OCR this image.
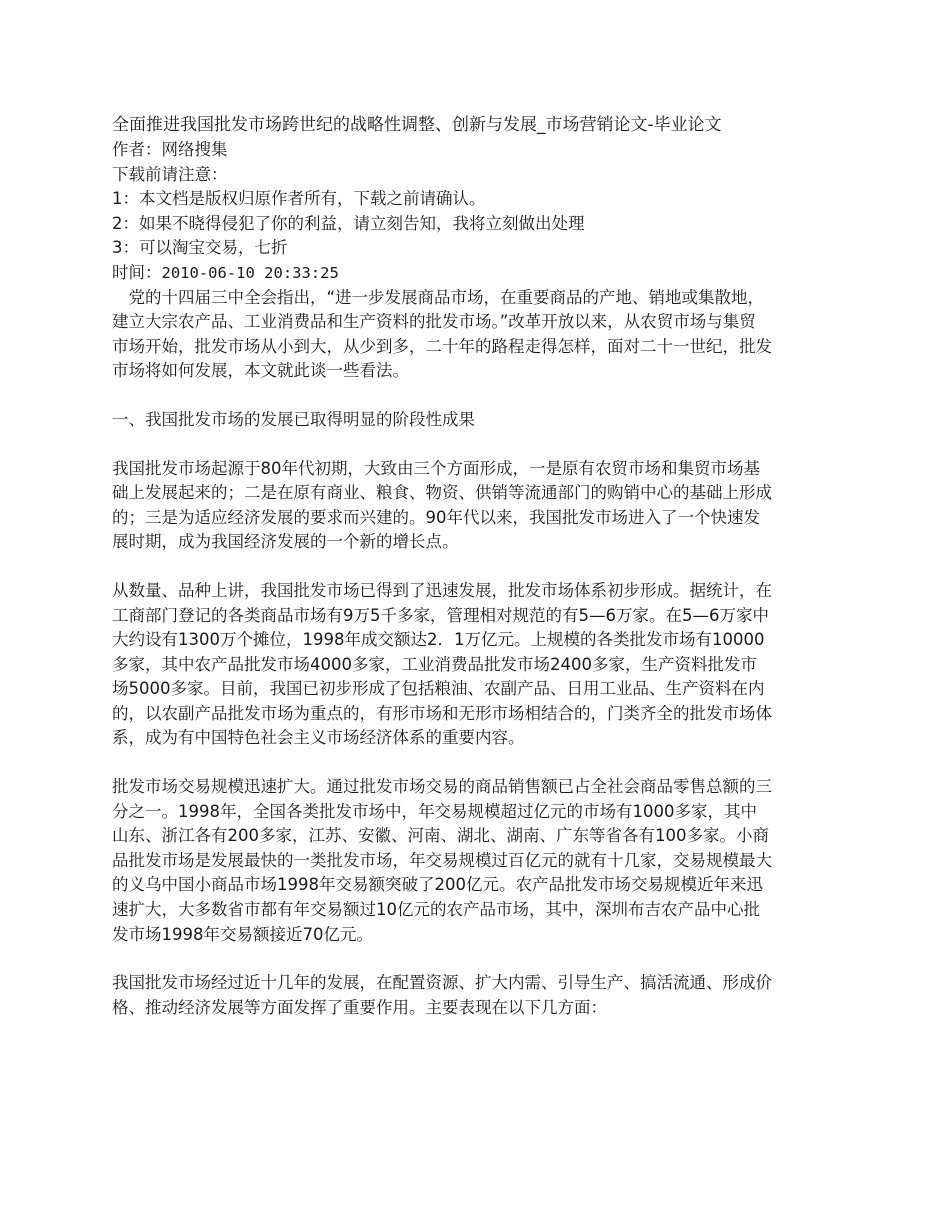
全面推进我国批发市场跨世纪的战略性调整、创新与发展_市场营销论文-毕业论文

作者：网络搜集

下载前请注意：

1：本文档是版权归原作者所有，下载之前请确认。

2：如果不晓得侵犯了你的利益，请立刻告知，我将立刻做出处理

3：可以淘宝交易，七折

时间：2010-06-10 20:33:25

党的十四届三中全会指出，“进一步发展商品市场，在重要商品的产地、销地或集散地，建立大宗农产品、工业消费品和生产资料的批发市场。”改革开放以来，从农贸市场与集贸市场开始，批发市场从小到大，从少到多，二十年的路程走得怎样，面对二十一世纪，批发市场将如何发展，本文就此谈一些看法。

一、我国批发市场的发展已取得明显的阶段性成果

我国批发市场起源于80年代初期，大致由三个方面形成，一是原有农贸市场和集贸市场基础上发展起来的；二是在原有商业、粮食、物资、供销等流通部门的购销中心的基础上形成的；三是为适应经济发展的要求而兴建的。90年代以来，我国批发市场进入了一个快速发展时期，成为我国经济发展的一个新的增长点。

从数量、品种上讲，我国批发市场已得到了迅速发展，批发市场体系初步形成。据统计，在工商部门登记的各类商品市场有9万5千多家，管理相对规范的有5—6万家。在5—6万家中大约设有1300万个摊位，1998年成交额达2．1万亿元。上规模的各类批发市场有10000多家，其中农产品批发市场4000多家，工业消费品批发市场2400多家，生产资料批发市场5000多家。目前，我国已初步形成了包括粮油、农副产品、日用工业品、生产资料在内的，以农副产品批发市场为重点的，有形市场和无形市场相结合的，门类齐全的批发市场体系，成为有中国特色社会主义市场经济体系的重要内容。

批发市场交易规模迅速扩大。通过批发市场交易的商品销售额已占全社会商品零售总额的三分之一。1998年，全国各类批发市场中，年交易规模超过亿元的市场有1000多家，其中山东、浙江各有200多家，江苏、安徽、河南、湖北、湖南、广东等省各有100多家。小商品批发市场是发展最快的一类批发市场，年交易规模过百亿元的就有十几家，交易规模最大的义乌中国小商品市场1998年交易额突破了200亿元。农产品批发市场交易规模近年来迅速扩大，大多数省市都有年交易额过10亿元的农产品市场，其中，深圳布吉农产品中心批发市场1998年交易额接近70亿元。

我国批发市场经过近十几年的发展，在配置资源、扩大内需、引导生产、搞活流通、形成价格、推动经济发展等方面发挥了重要作用。主要表现在以下几方面：
